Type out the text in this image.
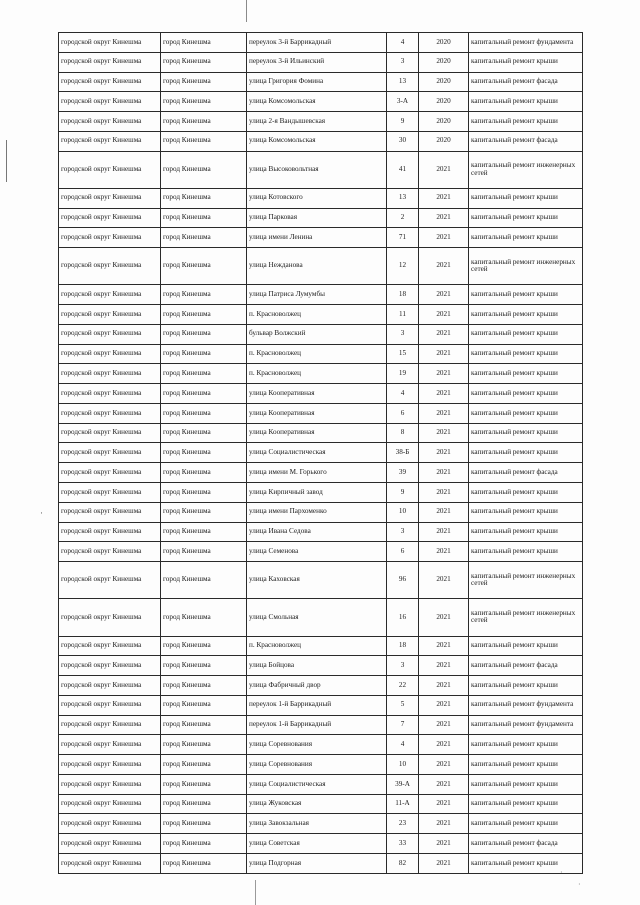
·
·
·
городской округ Кинешма	город Кинешма	переулок 3-й Баррикадный	4	2020	капитальный ремонт фундамента
городской округ Кинешма	город Кинешма	переулок 3-й Ильинский	3	2020	капитальный ремонт крыши
городской округ Кинешма	город Кинешма	улица Григория Фомина	13	2020	капитальный ремонт фасада
городской округ Кинешма	город Кинешма	улица Комсомольская	3-А	2020	капитальный ремонт крыши
городской округ Кинешма	город Кинешма	улица 2-я Вандышевская	9	2020	капитальный ремонт крыши
городской округ Кинешма	город Кинешма	улица Комсомольская	30	2020	капитальный ремонт фасада
городской округ Кинешма	город Кинешма	улица Высоковольтная	41	2021	капитальный ремонт инженерных сетей
городской округ Кинешма	город Кинешма	улица Котовского	13	2021	капитальный ремонт крыши
городской округ Кинешма	город Кинешма	улица Парковая	2	2021	капитальный ремонт крыши
городской округ Кинешма	город Кинешма	улица имени Ленина	71	2021	капитальный ремонт крыши
городской округ Кинешма	город Кинешма	улица Нежданова	12	2021	капитальный ремонт инженерных сетей
городской округ Кинешма	город Кинешма	улица Патриса Лумумбы	18	2021	капитальный ремонт крыши
городской округ Кинешма	город Кинешма	п. Красноволжец	11	2021	капитальный ремонт крыши
городской округ Кинешма	город Кинешма	бульвар Волжский	3	2021	капитальный ремонт крыши
городской округ Кинешма	город Кинешма	п. Красноволжец	15	2021	капитальный ремонт крыши
городской округ Кинешма	город Кинешма	п. Красноволжец	19	2021	капитальный ремонт крыши
городской округ Кинешма	город Кинешма	улица Кооперативная	4	2021	капитальный ремонт крыши
городской округ Кинешма	город Кинешма	улица Кооперативная	6	2021	капитальный ремонт крыши
городской округ Кинешма	город Кинешма	улица Кооперативная	8	2021	капитальный ремонт крыши
городской округ Кинешма	город Кинешма	улица Социалистическая	38-Б	2021	капитальный ремонт крыши
городской округ Кинешма	город Кинешма	улица имени М. Горького	39	2021	капитальный ремонт фасада
городской округ Кинешма	город Кинешма	улица Кирпичный завод	9	2021	капитальный ремонт крыши
городской округ Кинешма	город Кинешма	улица имени Пархоменко	10	2021	капитальный ремонт крыши
городской округ Кинешма	город Кинешма	улица Ивана Седова	3	2021	капитальный ремонт крыши
городской округ Кинешма	город Кинешма	улица Семенова	6	2021	капитальный ремонт крыши
городской округ Кинешма	город Кинешма	улица Каховская	96	2021	капитальный ремонт инженерных сетей
городской округ Кинешма	город Кинешма	улица Смольная	16	2021	капитальный ремонт инженерных сетей
городской округ Кинешма	город Кинешма	п. Красноволжец	18	2021	капитальный ремонт крыши
городской округ Кинешма	город Кинешма	улица Бойцова	3	2021	капитальный ремонт фасада
городской округ Кинешма	город Кинешма	улица Фабричный двор	22	2021	капитальный ремонт крыши
городской округ Кинешма	город Кинешма	переулок 1-й Баррикадный	5	2021	капитальный ремонт фундамента
городской округ Кинешма	город Кинешма	переулок 1-й Баррикадный	7	2021	капитальный ремонт фундамента
городской округ Кинешма	город Кинешма	улица Соревнования	4	2021	капитальный ремонт крыши
городской округ Кинешма	город Кинешма	улица Соревнования	10	2021	капитальный ремонт крыши
городской округ Кинешма	город Кинешма	улица Социалистическая	39-А	2021	капитальный ремонт крыши
городской округ Кинешма	город Кинешма	улица Жуковская	11-А	2021	капитальный ремонт крыши
городской округ Кинешма	город Кинешма	улица Завокзальная	23	2021	капитальный ремонт крыши
городской округ Кинешма	город Кинешма	улица Советская	33	2021	капитальный ремонт фасада
городской округ Кинешма	город Кинешма	улица Подгорная	82	2021	капитальный ремонт крыши
